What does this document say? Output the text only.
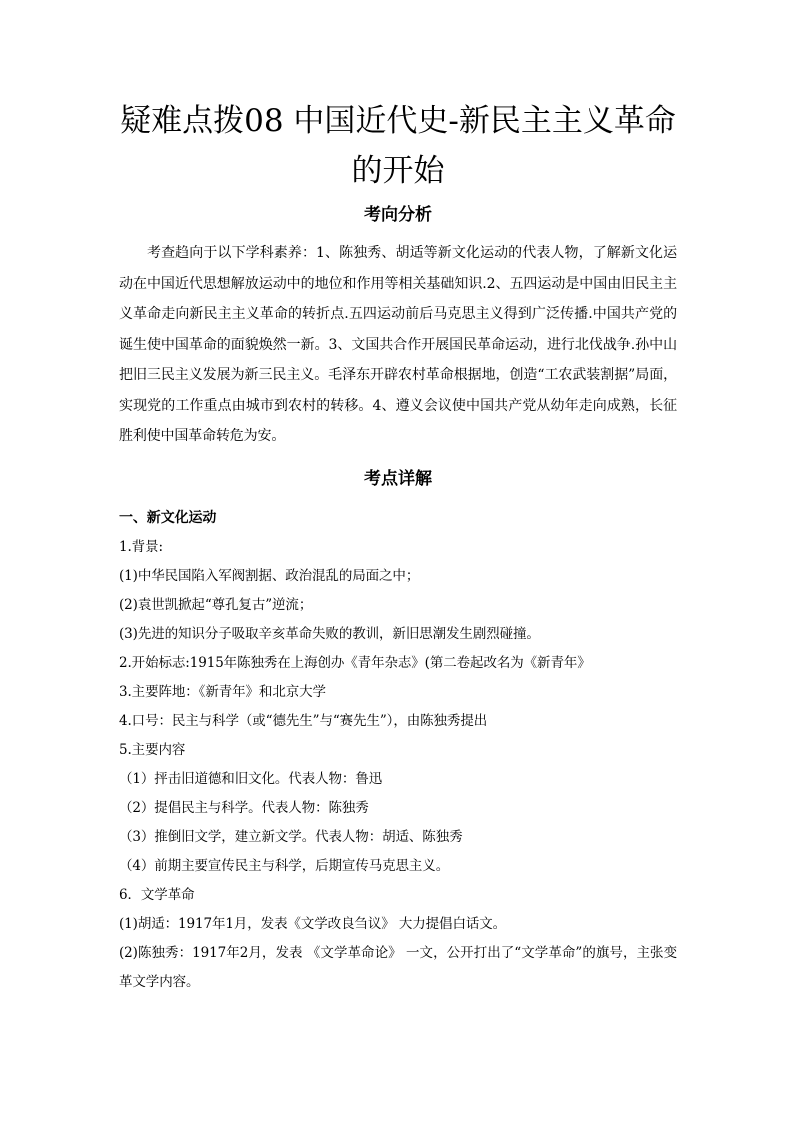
疑难点拨08 中国近代史-新民主主义革命的开始
考向分析

考查趋向于以下学科素养：1、陈独秀、胡适等新文化运动的代表人物，了解新文化运动在中国近代思想解放运动中的地位和作用等相关基础知识.2、五四运动是中国由旧民主主义革命走向新民主主义革命的转折点.五四运动前后马克思主义得到广泛传播.中国共产党的诞生使中国革命的面貌焕然一新。3、文国共合作开展国民革命运动，进行北伐战争.孙中山把旧三民主义发展为新三民主义。毛泽东开辟农村革命根据地，创造“工农武装割据”局面，实现党的工作重点由城市到农村的转移。4、遵义会议使中国共产党从幼年走向成熟，长征胜利使中国革命转危为安。

考点详解

一、新文化运动

1.背景:

(1)中华民国陷入军阀割据、政治混乱的局面之中；

(2)袁世凯掀起“尊孔复古”逆流；

(3)先进的知识分子吸取辛亥革命失败的教训，新旧思潮发生剧烈碰撞。

2.开始标志:1915年陈独秀在上海创办《青年杂志》(第二卷起改名为《新青年》

3.主要阵地：《新青年》和北京大学

4.口号：民主与科学（或“德先生”与“赛先生”），由陈独秀提出

5.主要内容

（1）抨击旧道德和旧文化。代表人物：鲁迅

（2）提倡民主与科学。代表人物：陈独秀

（3）推倒旧文学，建立新文学。代表人物：胡适、陈独秀

（4）前期主要宣传民主与科学，后期宣传马克思主义。

6．文学革命

(1)胡适：1917年1月，发表《文学改良刍议》 大力提倡白话文。

(2)陈独秀：1917年2月，发表 《文学革命论》 一文，公开打出了“文学革命”的旗号，主张变革文学内容。
